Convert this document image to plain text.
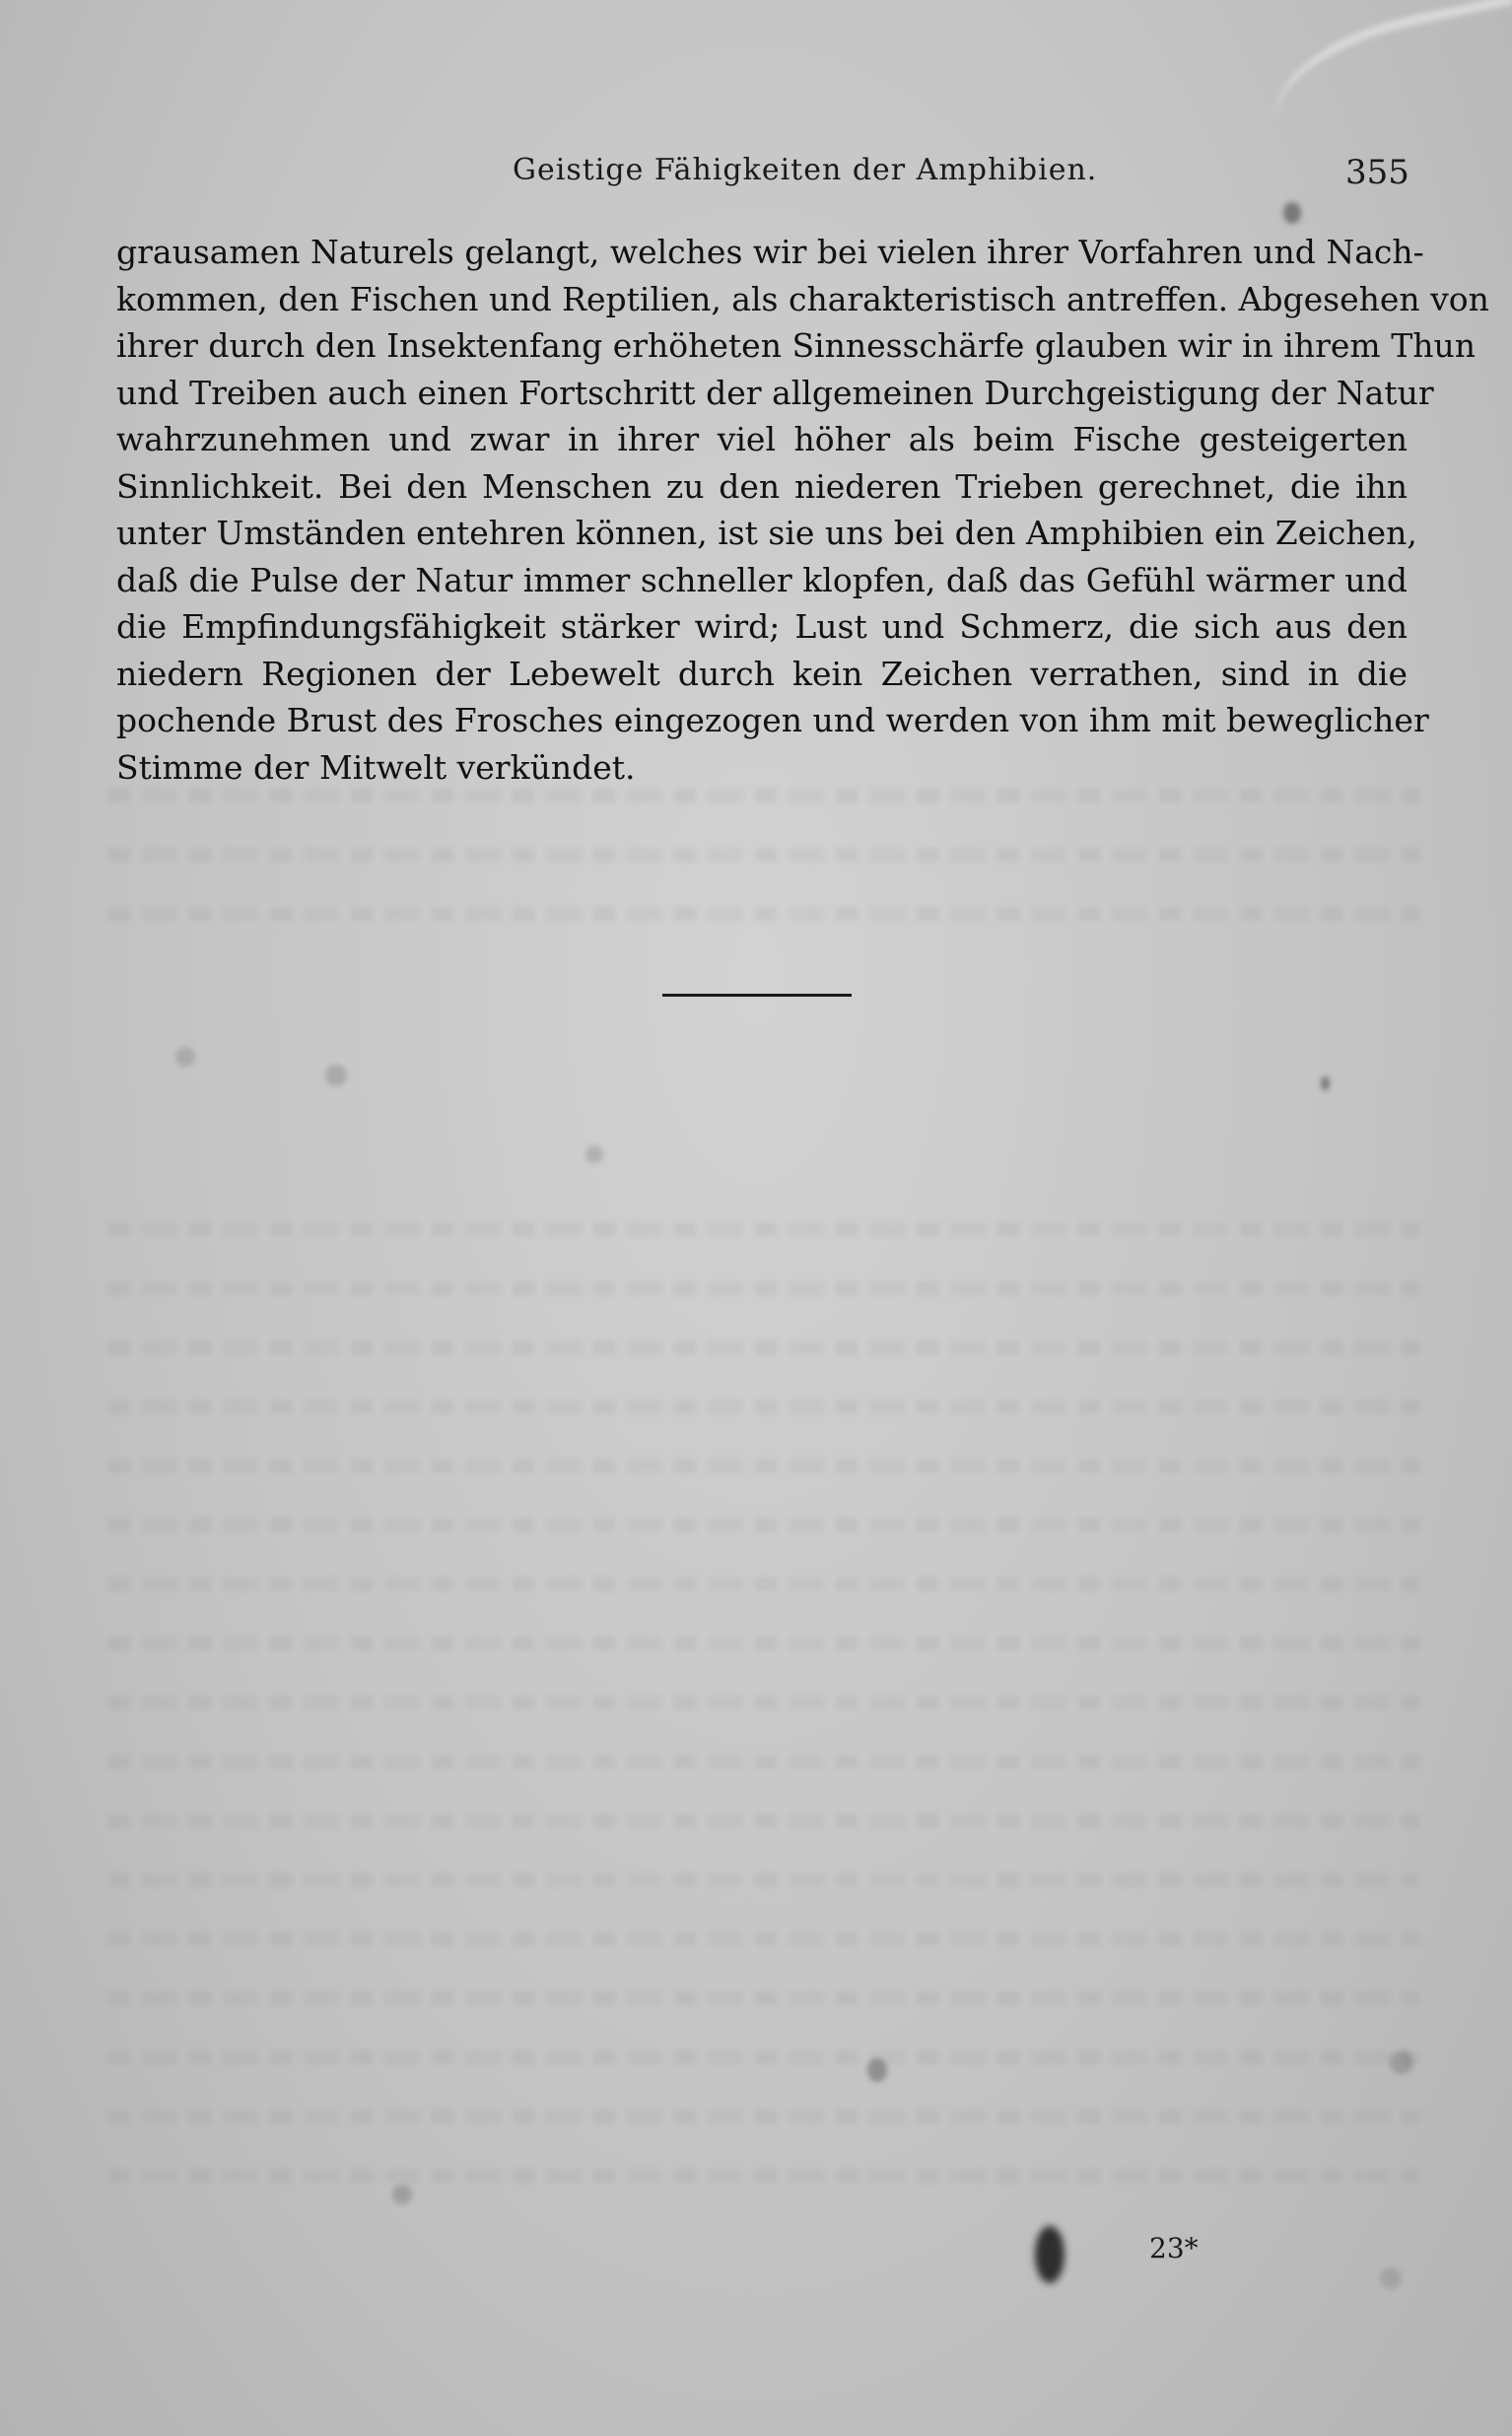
Geistige Fähigkeiten der Amphibien.	355
grausamen Naturels gelangt, welches wir bei vielen ihrer Vorfahren und Nach-
kommen, den Fischen und Reptilien, als charakteristisch antreffen. Abgesehen von
ihrer durch den Insektenfang erhöheten Sinnesschärfe glauben wir in ihrem Thun
und Treiben auch einen Fortschritt der allgemeinen Durchgeistigung der Natur
wahrzunehmen und zwar in ihrer viel höher als beim Fische gesteigerten
Sinnlichkeit. Bei den Menschen zu den niederen Trieben gerechnet, die ihn
unter Umständen entehren können, ist sie uns bei den Amphibien ein Zeichen,
daß die Pulse der Natur immer schneller klopfen, daß das Gefühl wärmer und
die Empfindungsfähigkeit stärker wird; Lust und Schmerz, die sich aus den
niedern Regionen der Lebewelt durch kein Zeichen verrathen, sind in die
pochende Brust des Frosches eingezogen und werden von ihm mit beweglicher
Stimme der Mitwelt verkündet.
23*
